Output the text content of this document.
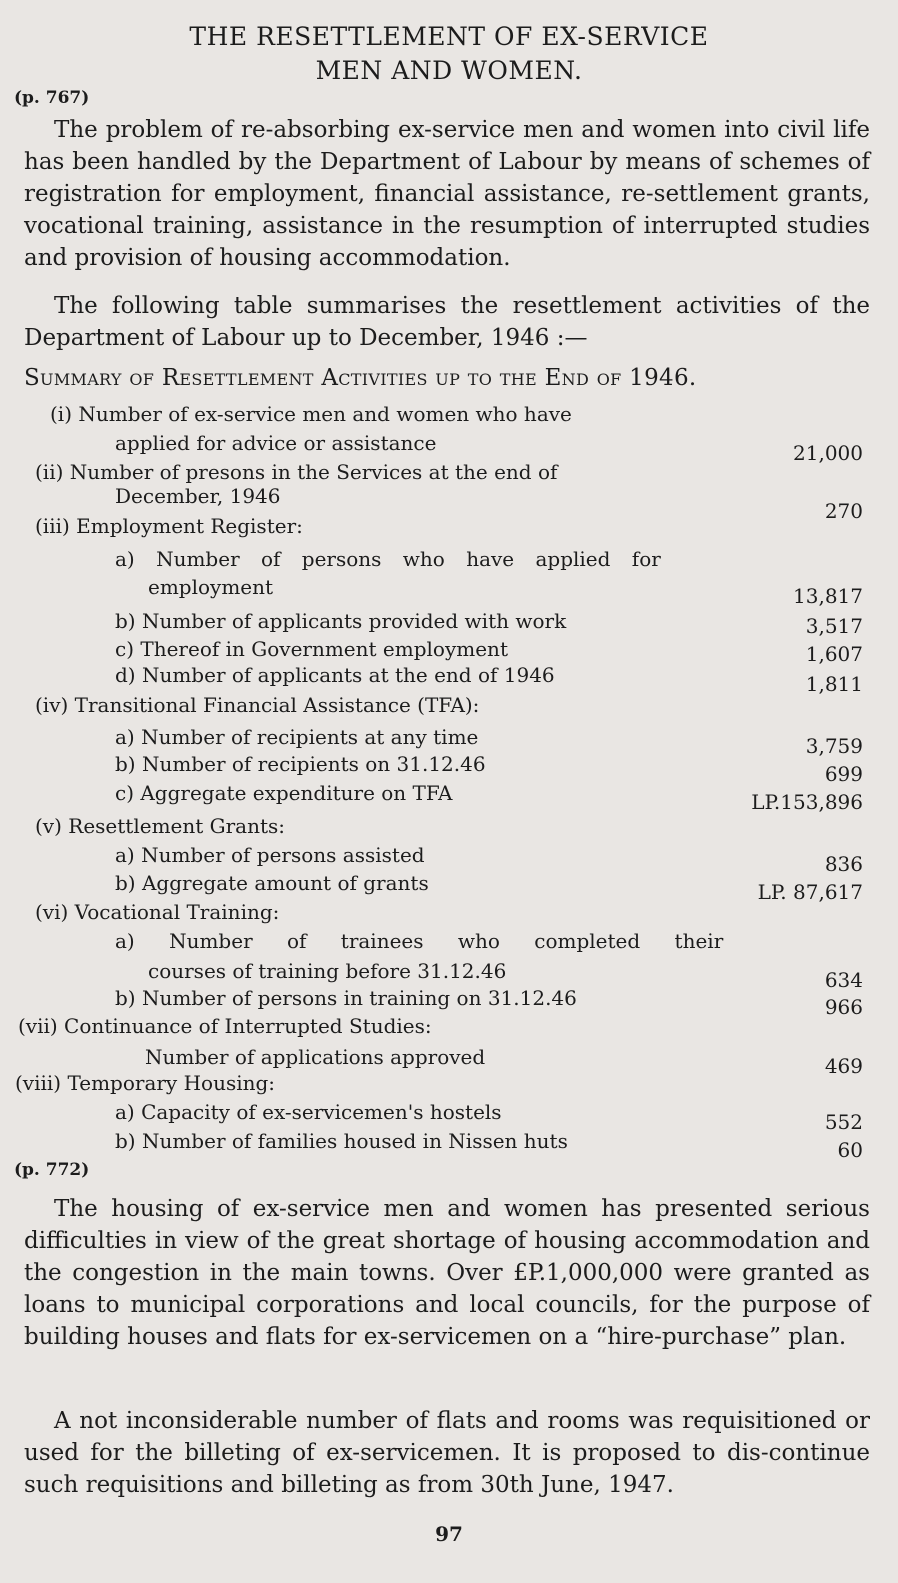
THE RESETTLEMENT OF EX-SERVICE
MEN AND WOMEN.
(p. 767)

The problem of re-absorbing ex-service men and women into civil life has been handled by the Department of Labour by means of schemes of registration for employment, financial assistance, re-settlement grants, vocational training, assistance in the resumption of interrupted studies and provision of housing accommodation.

The following table summarises the resettlement activities of the Department of Labour up to December, 1946 :—

Summary of Resettlement Activities up to the End of 1946.
(i) Number of ex-service men and women who have
applied for advice or assistance	21,000
(ii) Number of presons in the Services at the end of
December, 1946
270
(iii) Employment Register:
a) Number of persons who have applied for
employment	13,817
b) Number of applicants provided with work	3,517
c) Thereof in Government employment	1,607
d) Number of applicants at the end of 1946	1,811
(iv) Transitional Financial Assistance (TFA):
a) Number of recipients at any time	3,759
b) Number of recipients on 31.12.46	699
c) Aggregate expenditure on TFA	LP.153,896
(v) Resettlement Grants:
a) Number of persons assisted	836
b) Aggregate amount of grants	LP. 87,617
(vi) Vocational Training:
a) Number of trainees who completed their
courses of training before 31.12.46	634
b) Number of persons in training on 31.12.46	966
(vii) Continuance of Interrupted Studies:
Number of applications approved	469
(viii) Temporary Housing:
a) Capacity of ex-servicemen's hostels	552
b) Number of families housed in Nissen huts	60
(p. 772)

The housing of ex-service men and women has presented serious difficulties in view of the great shortage of housing accommodation and the congestion in the main towns. Over £P.1,000,000 were granted as loans to municipal corporations and local councils, for the purpose of building houses and flats for ex-servicemen on a “hire-purchase” plan.

A not inconsiderable number of flats and rooms was requisitioned or used for the billeting of ex-servicemen. It is proposed to dis-continue such requisitions and billeting as from 30th June, 1947.

97
